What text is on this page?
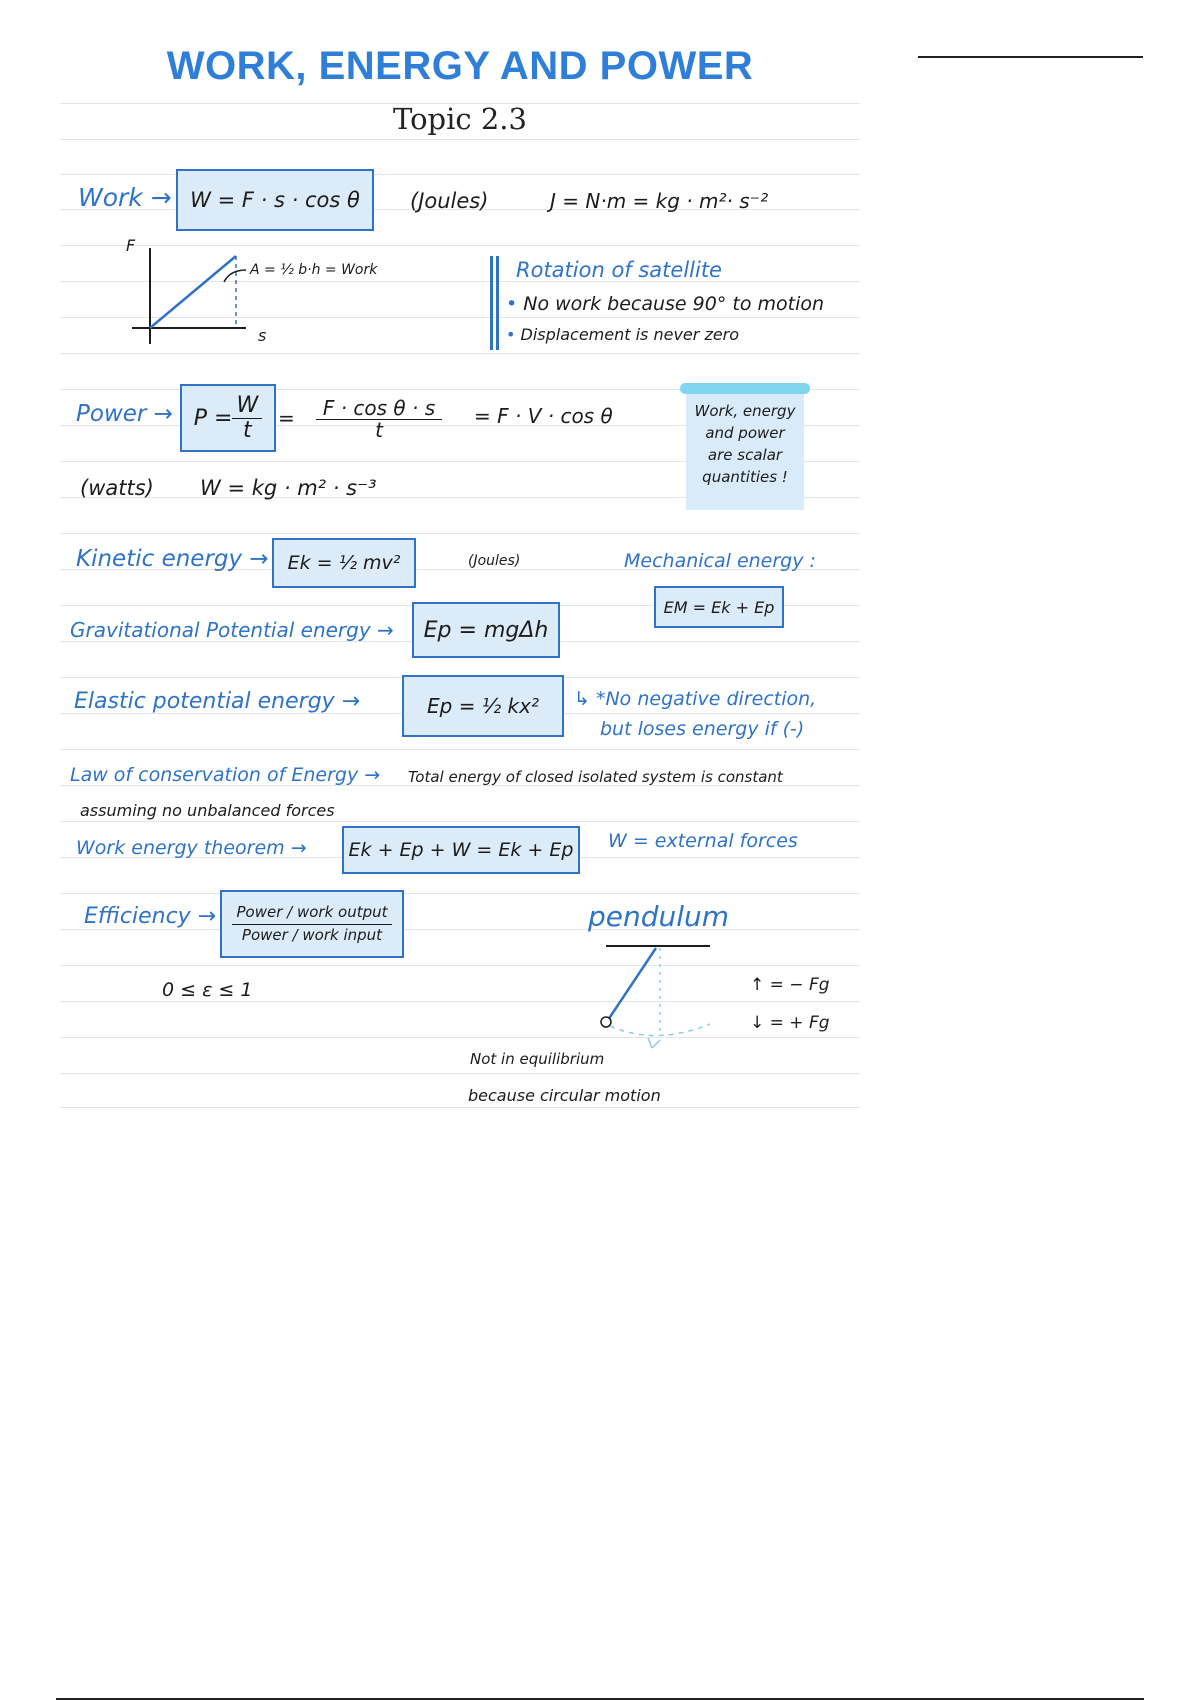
WORK, ENERGY AND POWER
Topic 2.3
Work → W = F · s · cos θ (Joules)	J = N·m = kg · m²· s⁻²
F
s
A = ½ b·h = Work	Rotation of satellite
• No work because 90° to motion
• Displacement is never zero
Power → $P = \frac{W}{t} = \frac{\text{F · cos θ · s}}{t} = F \cdot V \cdot \cos \theta$
(watts) W = kg · m² · s⁻³
Work, energy
and power
are scalar
quantities !
Kinetic energy → Ek = ½ mv²	(Joules)	Mechanical energy :
EM = Ek + Ep
Gravitational Potential energy → Ep = mgΔh
Elastic potential energy →	Ep = ½ kx² ↳ *No negative direction,
but loses energy if (-)
Law of conservation of Energy → Total energy of closed isolated system is constant
assuming no unbalanced forces
Work energy theorem → Ek + Ep + W = Ek + Ep W = external forces
Efficiency → $\frac{\text{Power / work output}}{\text{Power / work input}}$
0 ≤ ε ≤ 1
pendulum
↑ = − Fg
↓ = + Fg
Not in equilibrium
because circular motion
